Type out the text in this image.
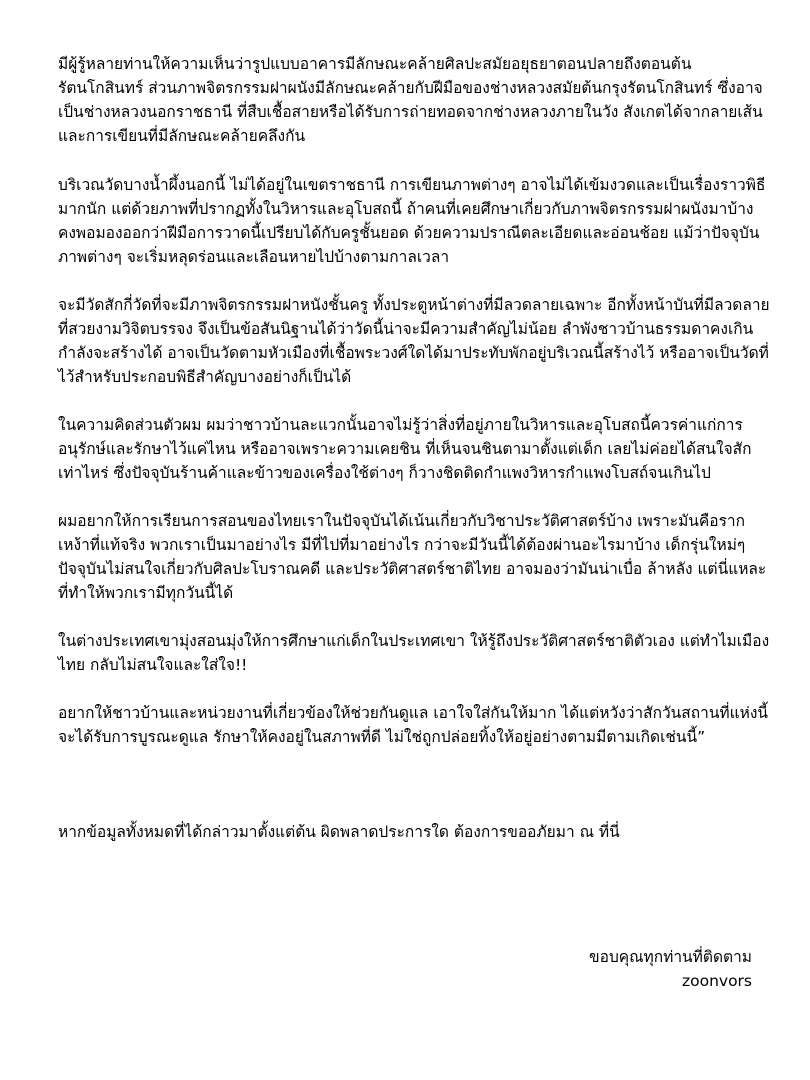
มีผู้รู้หลายท่านให้ความเห็นว่ารูปแบบอาคารมีลักษณะคล้ายศิลปะสมัยอยุธยาตอนปลายถึงตอนต้นรัตนโกสินทร์ ส่วนภาพจิตรกรรมฝาผนังมีลักษณะคล้ายกับฝีมือของช่างหลวงสมัยต้นกรุงรัตนโกสินทร์ ซึ่งอาจเป็นช่างหลวงนอกราชธานี ที่สืบเชื้อสายหรือได้รับการถ่ายทอดจากช่างหลวงภายในวัง สังเกตได้จากลายเส้นและการเขียนที่มีลักษณะคล้ายคลึงกัน

บริเวณวัดบางน้ำผึ้งนอกนี้ ไม่ได้อยู่ในเขตราชธานี การเขียนภาพต่างๆ อาจไม่ได้เข้มงวดและเป็นเรื่องราวพิธีมากนัก แต่ด้วยภาพที่ปรากฏทั้งในวิหารและอุโบสถนี้ ถ้าคนที่เคยศึกษาเกี่ยวกับภาพจิตรกรรมฝาผนังมาบ้าง คงพอมองออกว่าฝีมือการวาดนี้เปรียบได้กับครูชั้นยอด ด้วยความปราณีตละเอียดและอ่อนช้อย แม้ว่าปัจจุบันภาพต่างๆ จะเริ่มหลุดร่อนและเลือนหายไปบ้างตามกาลเวลา

จะมีวัดสักกี่วัดที่จะมีภาพจิตรกรรมฝาหนังชั้นครู ทั้งประตูหน้าต่างที่มีลวดลายเฉพาะ อีกทั้งหน้าบันที่มีลวดลายที่สวยงามวิจิตบรรจง จึงเป็นข้อสันนิฐานได้ว่าวัดนี้น่าจะมีความสำคัญไม่น้อย ลำพังชาวบ้านธรรมดาคงเกินกำลังจะสร้างได้ อาจเป็นวัดตามหัวเมืองที่เชื้อพระวงศ์ใดได้มาประทับพักอยู่บริเวณนี้สร้างไว้ หรืออาจเป็นวัดที่ไว้สำหรับประกอบพิธีสำคัญบางอย่างก็เป็นได้

ในความคิดส่วนตัวผม ผมว่าชาวบ้านละแวกนั้นอาจไม่รู้ว่าสิ่งที่อยู่ภายในวิหารและอุโบสถนี้ควรค่าแก่การอนุรักษ์และรักษาไว้แค่ไหน หรืออาจเพราะความเคยชิน ที่เห็นจนชินตามาตั้งแต่เด็ก เลยไม่ค่อยได้สนใจสักเท่าไหร่ ซึ่งปัจจุบันร้านค้าและข้าวของเครื่องใช้ต่างๆ ก็วางชิดติดกำแพงวิหารกำแพงโบสถ์จนเกินไป

ผมอยากให้การเรียนการสอนของไทยเราในปัจจุบันได้เน้นเกี่ยวกับวิชาประวัติศาสตร์บ้าง เพราะมันคือรากเหง้าที่แท้จริง พวกเราเป็นมาอย่างไร มีที่ไปที่มาอย่างไร กว่าจะมีวันนี้ได้ต้องผ่านอะไรมาบ้าง เด็กรุ่นใหม่ๆ ปัจจุบันไม่สนใจเกี่ยวกับศิลปะโบราณคดี และประวัติศาสตร์ชาติไทย อาจมองว่ามันน่าเบื่อ ล้าหลัง แต่นี่แหละที่ทำให้พวกเรามีทุกวันนี้ได้

ในต่างประเทศเขามุ่งสอนมุ่งให้การศึกษาแก่เด็กในประเทศเขา ให้รู้ถึงประวัติศาสตร์ชาติตัวเอง แต่ทำไมเมืองไทย กลับไม่สนใจและใส่ใจ!!

อยากให้ชาวบ้านและหน่วยงานที่เกี่ยวข้องให้ช่วยกันดูแล เอาใจใส่กันให้มาก ได้แต่หวังว่าสักวันสถานที่แห่งนี้จะได้รับการบูรณะดูแล รักษาให้คงอยู่ในสภาพที่ดี ไม่ใช่ถูกปล่อยทิ้งให้อยู่อย่างตามมีตามเกิดเช่นนี้”

หากข้อมูลทั้งหมดที่ได้กล่าวมาตั้งแต่ต้น ผิดพลาดประการใด ต้องการขออภัยมา ณ ที่นี่

ขอบคุณทุกท่านที่ติดตาม
zoonvors
